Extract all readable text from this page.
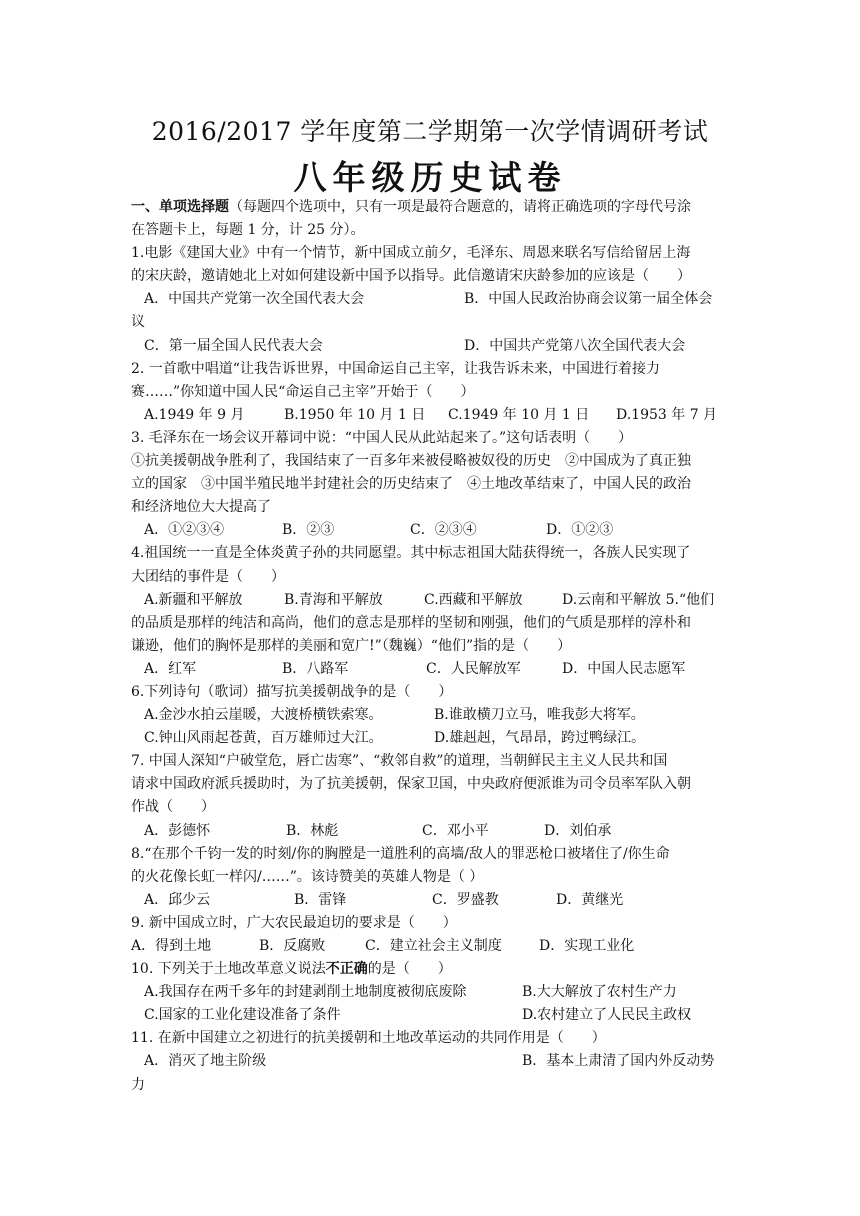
2016/2017 学年度第二学期第一次学情调研考试
八年级历史试卷
一、单项选择题（每题四个选项中，只有一项是最符合题意的，请将正确选项的字母代号涂
在答题卡上，每题 1 分，计 25 分）。
1.电影《建国大业》中有一个情节，新中国成立前夕，毛泽东、周恩来联名写信给留居上海
的宋庆龄，邀请她北上对如何建设新中国予以指导。此信邀请宋庆龄参加的应该是（　　）
A．中国共产党第一次全国代表大会	B．中国人民政治协商会议第一届全体会
议
C．第一届全国人民代表大会	D．中国共产党第八次全国代表大会
2. 一首歌中唱道“让我告诉世界，中国命运自己主宰，让我告诉未来，中国进行着接力
赛……”你知道中国人民“命运自己主宰”开始于（　　）
A.1949 年 9 月	B.1950 年 10 月 1 日	C.1949 年 10 月 1 日	D.1953 年 7 月
3. 毛泽东在一场会议开幕词中说：“中国人民从此站起来了。”这句话表明（　　）
①抗美援朝战争胜利了，我国结束了一百多年来被侵略被奴役的历史　②中国成为了真正独
立的国家　③中国半殖民地半封建社会的历史结束了　④土地改革结束了，中国人民的政治
和经济地位大大提高了
A．①②③④	B．②③	C．②③④	D．①②③
4.祖国统一一直是全体炎黄子孙的共同愿望。其中标志祖国大陆获得统一，各族人民实现了
大团结的事件是（　　）
A.新疆和平解放	B.青海和平解放	C.西藏和平解放	D.云南和平解放 5.“他们
的品质是那样的纯洁和高尚，他们的意志是那样的坚韧和刚强，他们的气质是那样的淳朴和
谦逊，他们的胸怀是那样的美丽和宽广!”（魏巍）“他们”指的是（　　）
A．红军	B．八路军	C．人民解放军	D．中国人民志愿军
6.下列诗句（歌词）描写抗美援朝战争的是（　　）
A.金沙水拍云崖暖，大渡桥横铁索寒。	B.谁敢横刀立马，唯我彭大将军。
C.钟山风雨起苍黄，百万雄师过大江。	D.雄赳赳，气昂昂，跨过鸭绿江。
7. 中国人深知“户破堂危，唇亡齿寒”、“救邻自救”的道理，当朝鲜民主主义人民共和国
请求中国政府派兵援助时，为了抗美援朝，保家卫国，中央政府便派谁为司令员率军队入朝
作战（　　）
A．彭德怀	B．林彪	C．邓小平	D．刘伯承
8.“在那个千钧一发的时刻/你的胸膛是一道胜利的高墙/敌人的罪恶枪口被堵住了/你生命
的火花像长虹一样闪/……”。该诗赞美的英雄人物是（ ）
A．邱少云	B．雷锋	C．罗盛教	D．黄继光
9. 新中国成立时，广大农民最迫切的要求是（　　）
A．得到土地	B．反腐败	C．建立社会主义制度	D．实现工业化
10. 下列关于土地改革意义说法不正确的是（　　）
A.我国存在两千多年的封建剥削土地制度被彻底废除	B.大大解放了农村生产力
C.国家的工业化建设准备了条件	D.农村建立了人民民主政权
11. 在新中国建立之初进行的抗美援朝和土地改革运动的共同作用是（　　）
A．消灭了地主阶级	B．基本上肃清了国内外反动势
力
